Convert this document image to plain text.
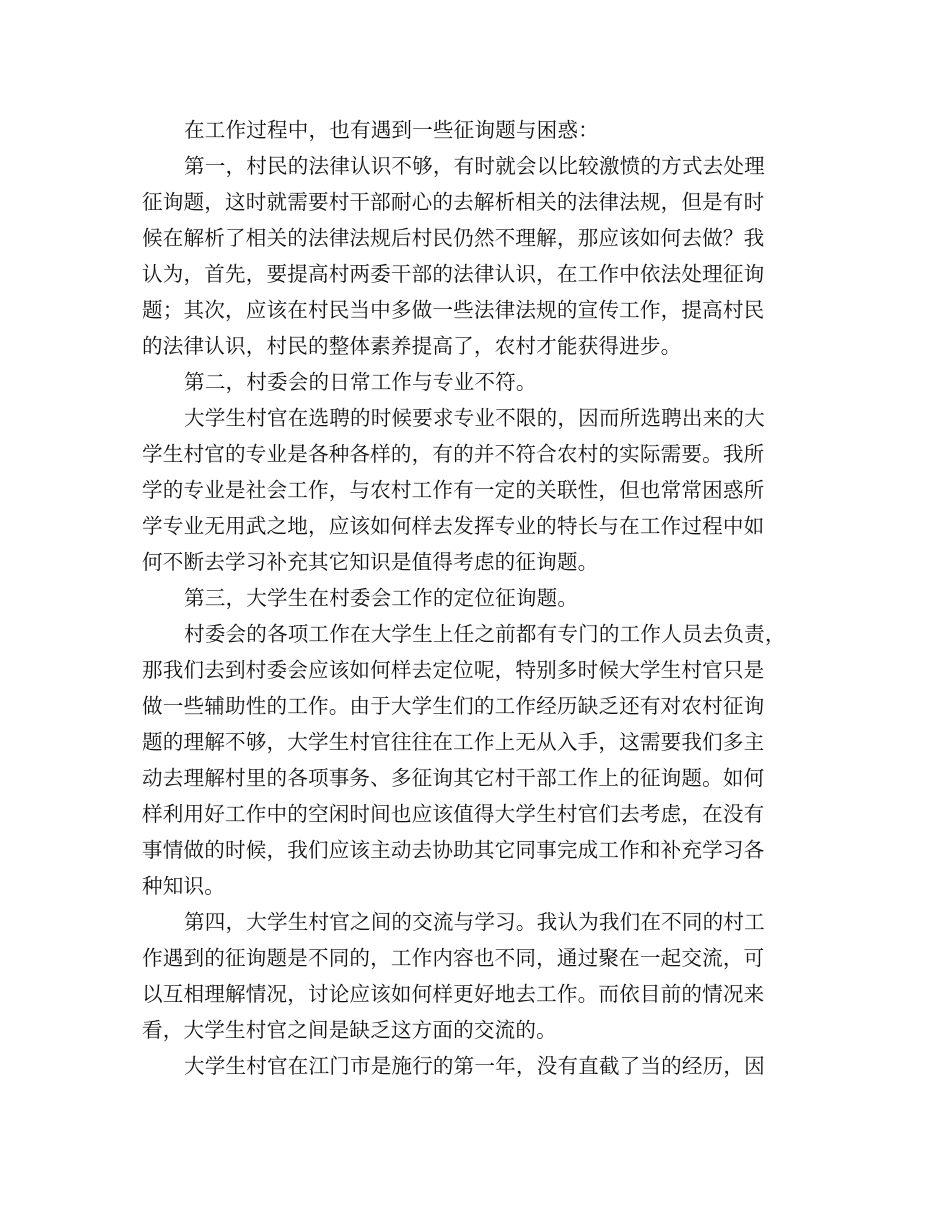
在工作过程中，也有遇到一些征询题与困惑：
第一，村民的法律认识不够，有时就会以比较激愤的方式去处理
征询题，这时就需要村干部耐心的去解析相关的法律法规，但是有时
候在解析了相关的法律法规后村民仍然不理解，那应该如何去做？我
认为，首先，要提高村两委干部的法律认识，在工作中依法处理征询
题；其次，应该在村民当中多做一些法律法规的宣传工作，提高村民
的法律认识，村民的整体素养提高了，农村才能获得进步。
第二，村委会的日常工作与专业不符。
大学生村官在选聘的时候要求专业不限的，因而所选聘出来的大
学生村官的专业是各种各样的，有的并不符合农村的实际需要。我所
学的专业是社会工作，与农村工作有一定的关联性，但也常常困惑所
学专业无用武之地，应该如何样去发挥专业的特长与在工作过程中如
何不断去学习补充其它知识是值得考虑的征询题。
第三，大学生在村委会工作的定位征询题。
村委会的各项工作在大学生上任之前都有专门的工作人员去负责，
那我们去到村委会应该如何样去定位呢，特别多时候大学生村官只是
做一些辅助性的工作。由于大学生们的工作经历缺乏还有对农村征询
题的理解不够，大学生村官往往在工作上无从入手，这需要我们多主
动去理解村里的各项事务、多征询其它村干部工作上的征询题。如何
样利用好工作中的空闲时间也应该值得大学生村官们去考虑，在没有
事情做的时候，我们应该主动去协助其它同事完成工作和补充学习各
种知识。
第四，大学生村官之间的交流与学习。我认为我们在不同的村工
作遇到的征询题是不同的，工作内容也不同，通过聚在一起交流，可
以互相理解情况，讨论应该如何样更好地去工作。而依目前的情况来
看，大学生村官之间是缺乏这方面的交流的。
大学生村官在江门市是施行的第一年，没有直截了当的经历，因
